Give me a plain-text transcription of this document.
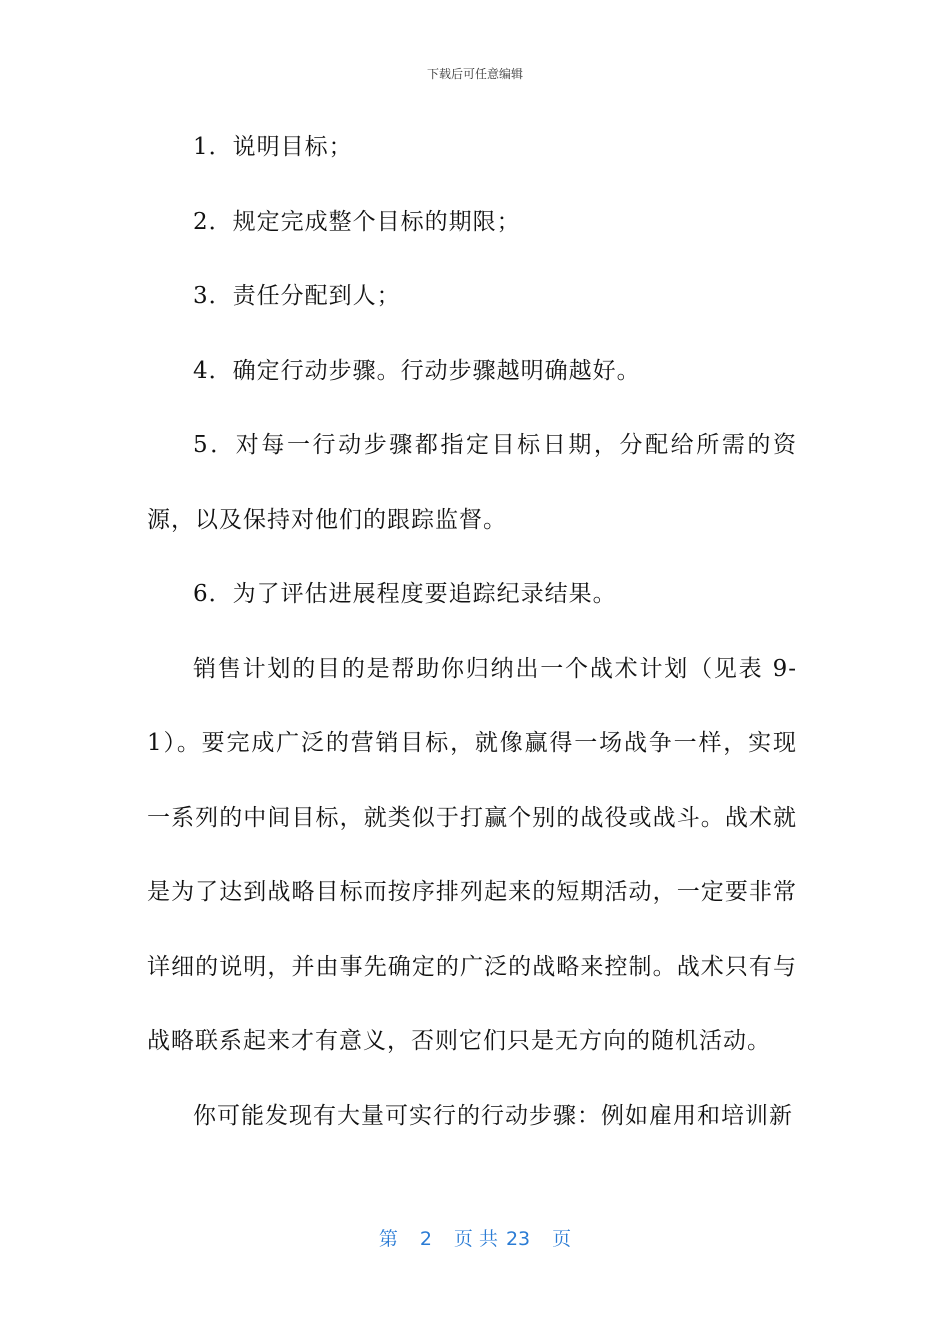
下载后可任意编辑

1．说明目标；

2．规定完成整个目标的期限；

3．责任分配到人；

4．确定行动步骤。行动步骤越明确越好。

5．对每一行动步骤都指定目标日期，分配给所需的资源，以及保持对他们的跟踪监督。

6．为了评估进展程度要追踪纪录结果。

销售计划的目的是帮助你归纳出一个战术计划（见表 9-1）。要完成广泛的营销目标，就像赢得一场战争一样，实现一系列的中间目标，就类似于打赢个别的战役或战斗。战术就是为了达到战略目标而按序排列起来的短期活动，一定要非常详细的说明，并由事先确定的广泛的战略来控制。战术只有与战略联系起来才有意义，否则它们只是无方向的随机活动。

你可能发现有大量可实行的行动步骤：例如雇用和培训新

第 2 页 共 23 页
